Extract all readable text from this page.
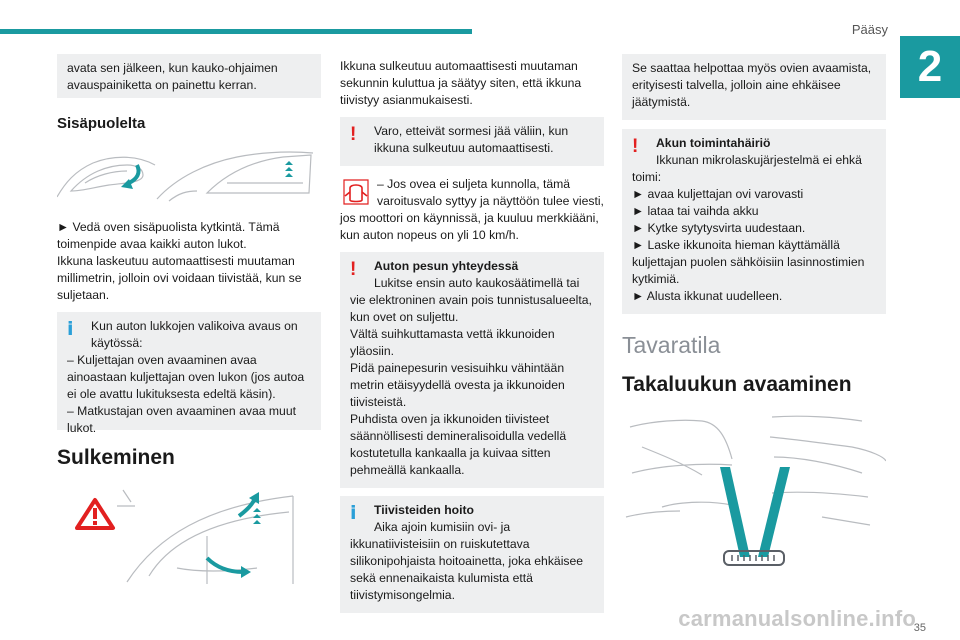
Pääsy
2
avata sen jälkeen, kun kauko-ohjaimen avauspainiketta on painettu kerran.
Sisäpuolelta
► Vedä oven sisäpuolista kytkintä. Tämä toimenpide avaa kaikki auton lukot.
Ikkuna laskeutuu automaattisesti muutaman millimetrin, jolloin ovi voidaan tiivistää, kun se suljetaan.
i	Kun auton lukkojen valikoiva avaus on käytössä:
– Kuljettajan oven avaaminen avaa ainoastaan kuljettajan oven lukon (jos autoa ei ole avattu lukituksesta edeltä käsin).
– Matkustajan oven avaaminen avaa muut lukot.
Sulkeminen
Ikkuna sulkeutuu automaattisesti muutaman sekunnin kuluttua ja säätyy siten, että ikkuna tiivistyy asianmukaisesti.
!	Varo, etteivät sormesi jää väliin, kun ikkuna sulkeutuu automaattisesti.
– Jos ovea ei suljeta kunnolla, tämä varoitusvalo syttyy ja näyttöön tulee viesti,
jos moottori on käynnissä, ja kuuluu merkkiääni, kun auton nopeus on yli 10 km/h.
!	Auton pesun yhteydessä
Lukitse ensin auto kaukosäätimellä tai
vie elektroninen avain pois tunnistusalueelta, kun ovet on suljettu.
Vältä suihkuttamasta vettä ikkunoiden yläosiin.
Pidä painepesurin vesisuihku vähintään metrin etäisyydellä ovesta ja ikkunoiden tiivisteistä.
Puhdista oven ja ikkunoiden tiivisteet säännöllisesti demineralisoidulla vedellä kostutetulla kankaalla ja kuivaa sitten pehmeällä kankaalla.
i	Tiivisteiden hoito
Aika ajoin kumisiin ovi- ja
ikkunatiivisteisiin on ruiskutettava silikonipohjaista hoitoainetta, joka ehkäisee sekä ennenaikaista kulumista että tiivistymisongelmia.
Se saattaa helpottaa myös ovien avaamista, erityisesti talvella, jolloin aine ehkäisee jäätymistä.
!	Akun toimintahäiriö
Ikkunan mikrolaskujärjestelmä ei ehkä
toimi:
► avaa kuljettajan ovi varovasti
► lataa tai vaihda akku
► Kytke sytytysvirta uudestaan.
► Laske ikkunoita hieman käyttämällä kuljettajan puolen sähköisiin lasinnostimien kytkimiä.
► Alusta ikkunat uudelleen.
Tavaratila
Takaluukun avaaminen
carmanualsonline.info
35
